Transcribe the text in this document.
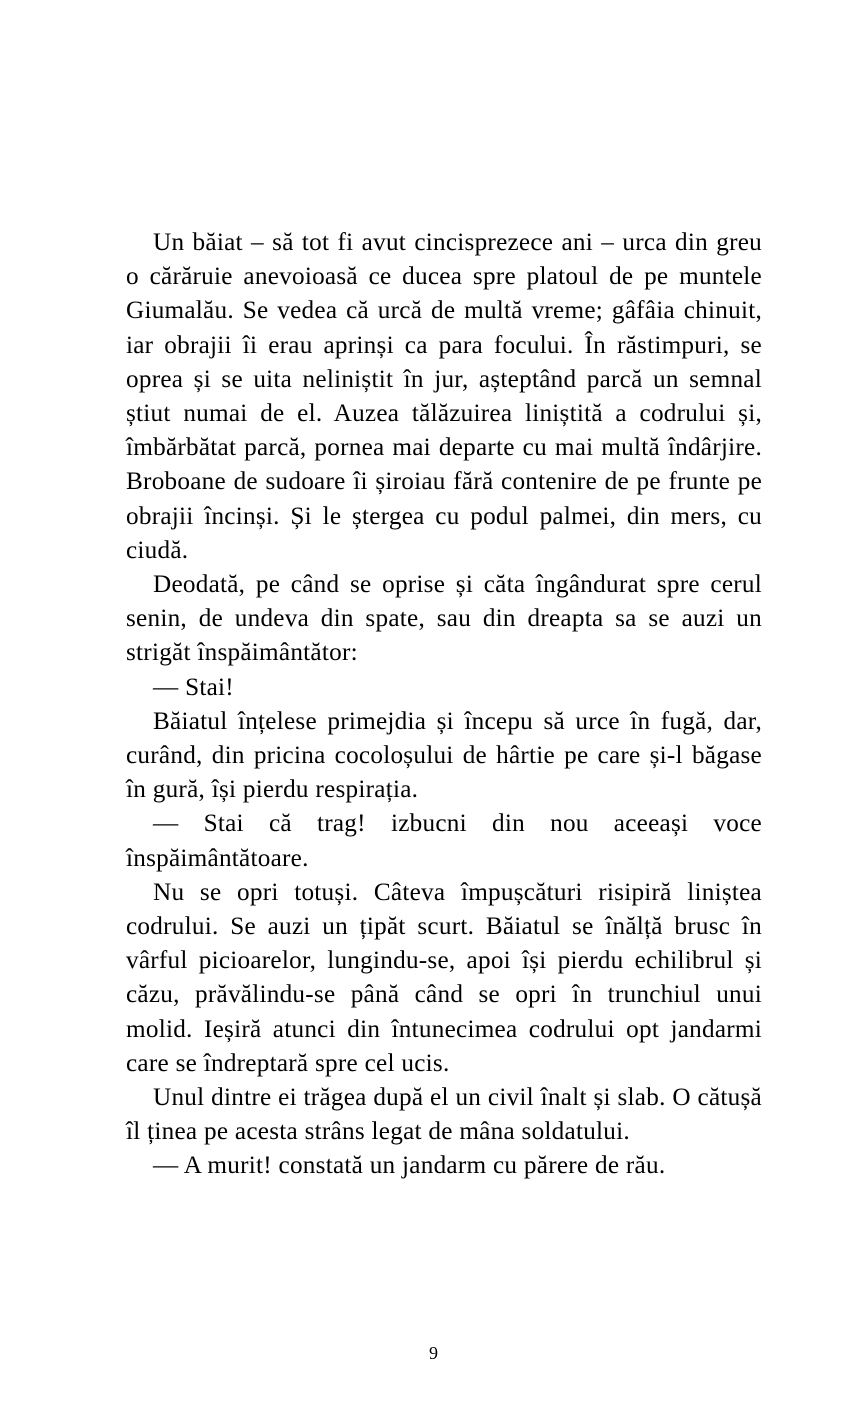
Un băiat – să tot fi avut cincisprezece ani – urca din greu o cărăruie anevoioasă ce ducea spre platoul de pe muntele Giumalău. Se vedea că urcă de multă vreme; gâfâia chinuit, iar obrajii îi erau aprinși ca para focului. În răstimpuri, se oprea și se uita neliniștit în jur, așteptând parcă un semnal știut numai de el. Auzea tălăzuirea liniștită a codrului și, îmbărbătat parcă, pornea mai departe cu mai multă îndârjire. Broboane de sudoare îi șiroiau fără contenire de pe frunte pe obrajii încinși. Și le ștergea cu podul palmei, din mers, cu ciudă.

Deodată, pe când se oprise și căta îngândurat spre cerul senin, de undeva din spate, sau din dreapta sa se auzi un strigăt înspăimântător:

— Stai!

Băiatul înțelese primejdia și începu să urce în fugă, dar, curând, din pricina cocoloșului de hârtie pe care și-l băgase în gură, își pierdu respirația.

— Stai că trag! izbucni din nou aceeași voce înspăimântătoare.

Nu se opri totuși. Câteva împușcături risipiră liniștea codrului. Se auzi un țipăt scurt. Băiatul se înălță brusc în vârful picioarelor, lungindu-se, apoi își pierdu echilibrul și căzu, prăvălindu-se până când se opri în trunchiul unui molid. Ieșiră atunci din întunecimea codrului opt jandarmi care se îndreptară spre cel ucis.

Unul dintre ei trăgea după el un civil înalt și slab. O cătușă îl ținea pe acesta strâns legat de mâna soldatului.

— A murit! constată un jandarm cu părere de rău.

9
